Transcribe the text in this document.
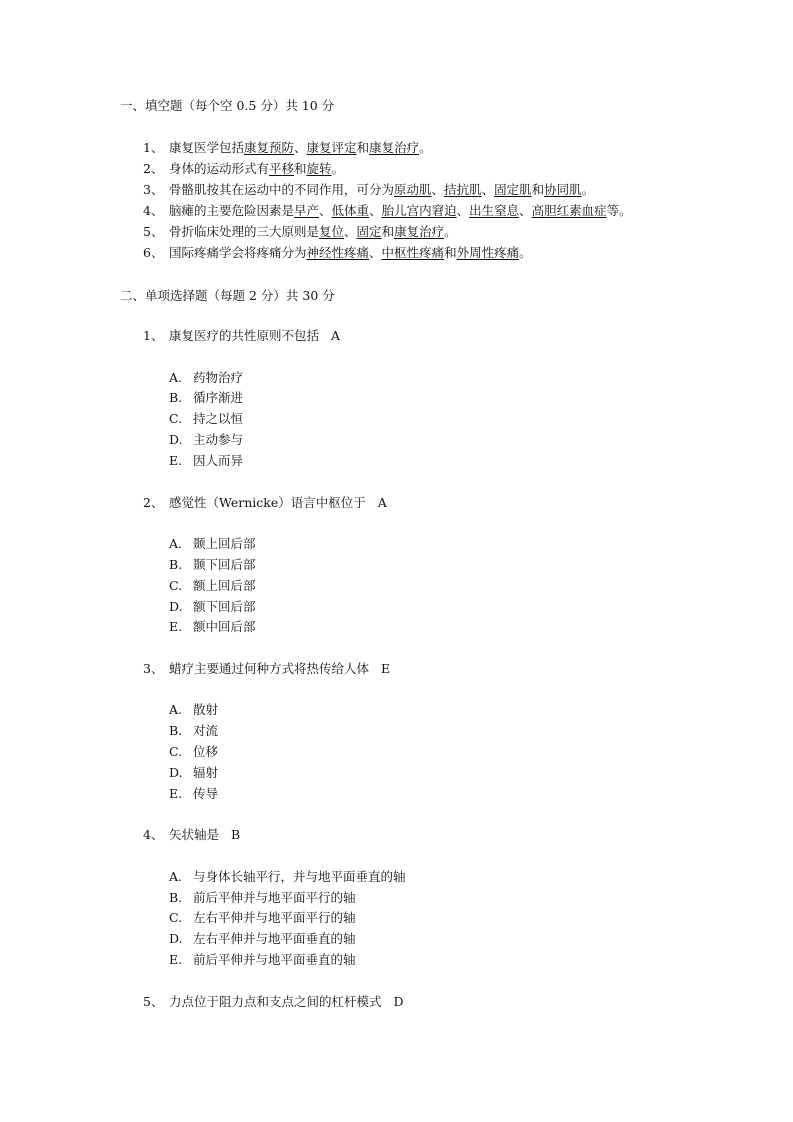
一、填空题（每个空 0.5 分）共 10 分
1、 康复医学包括康复预防、康复评定和康复治疗。
2、 身体的运动形式有平移和旋转。
3、 骨骼肌按其在运动中的不同作用，可分为原动肌、拮抗肌、固定肌和协同肌。
4、 脑瘫的主要危险因素是早产、低体重、胎儿宫内窘迫、出生窒息、高胆红素血症等。
5、 骨折临床处理的三大原则是复位、固定和康复治疗。
6、 国际疼痛学会将疼痛分为神经性疼痛、中枢性疼痛和外周性疼痛。
二、单项选择题（每题 2 分）共 30 分
1、 康复医疗的共性原则不包括 A
A. 药物治疗
B. 循序渐进
C. 持之以恒
D. 主动参与
E. 因人而异
2、 感觉性（Wernicke）语言中枢位于 A
A. 颞上回后部
B. 颞下回后部
C. 额上回后部
D. 额下回后部
E. 额中回后部
3、 蜡疗主要通过何种方式将热传给人体 E
A. 散射
B. 对流
C. 位移
D. 辐射
E. 传导
4、 矢状轴是 B
A. 与身体长轴平行，并与地平面垂直的轴
B. 前后平伸并与地平面平行的轴
C. 左右平伸并与地平面平行的轴
D. 左右平伸并与地平面垂直的轴
E. 前后平伸并与地平面垂直的轴
5、 力点位于阻力点和支点之间的杠杆模式 D
